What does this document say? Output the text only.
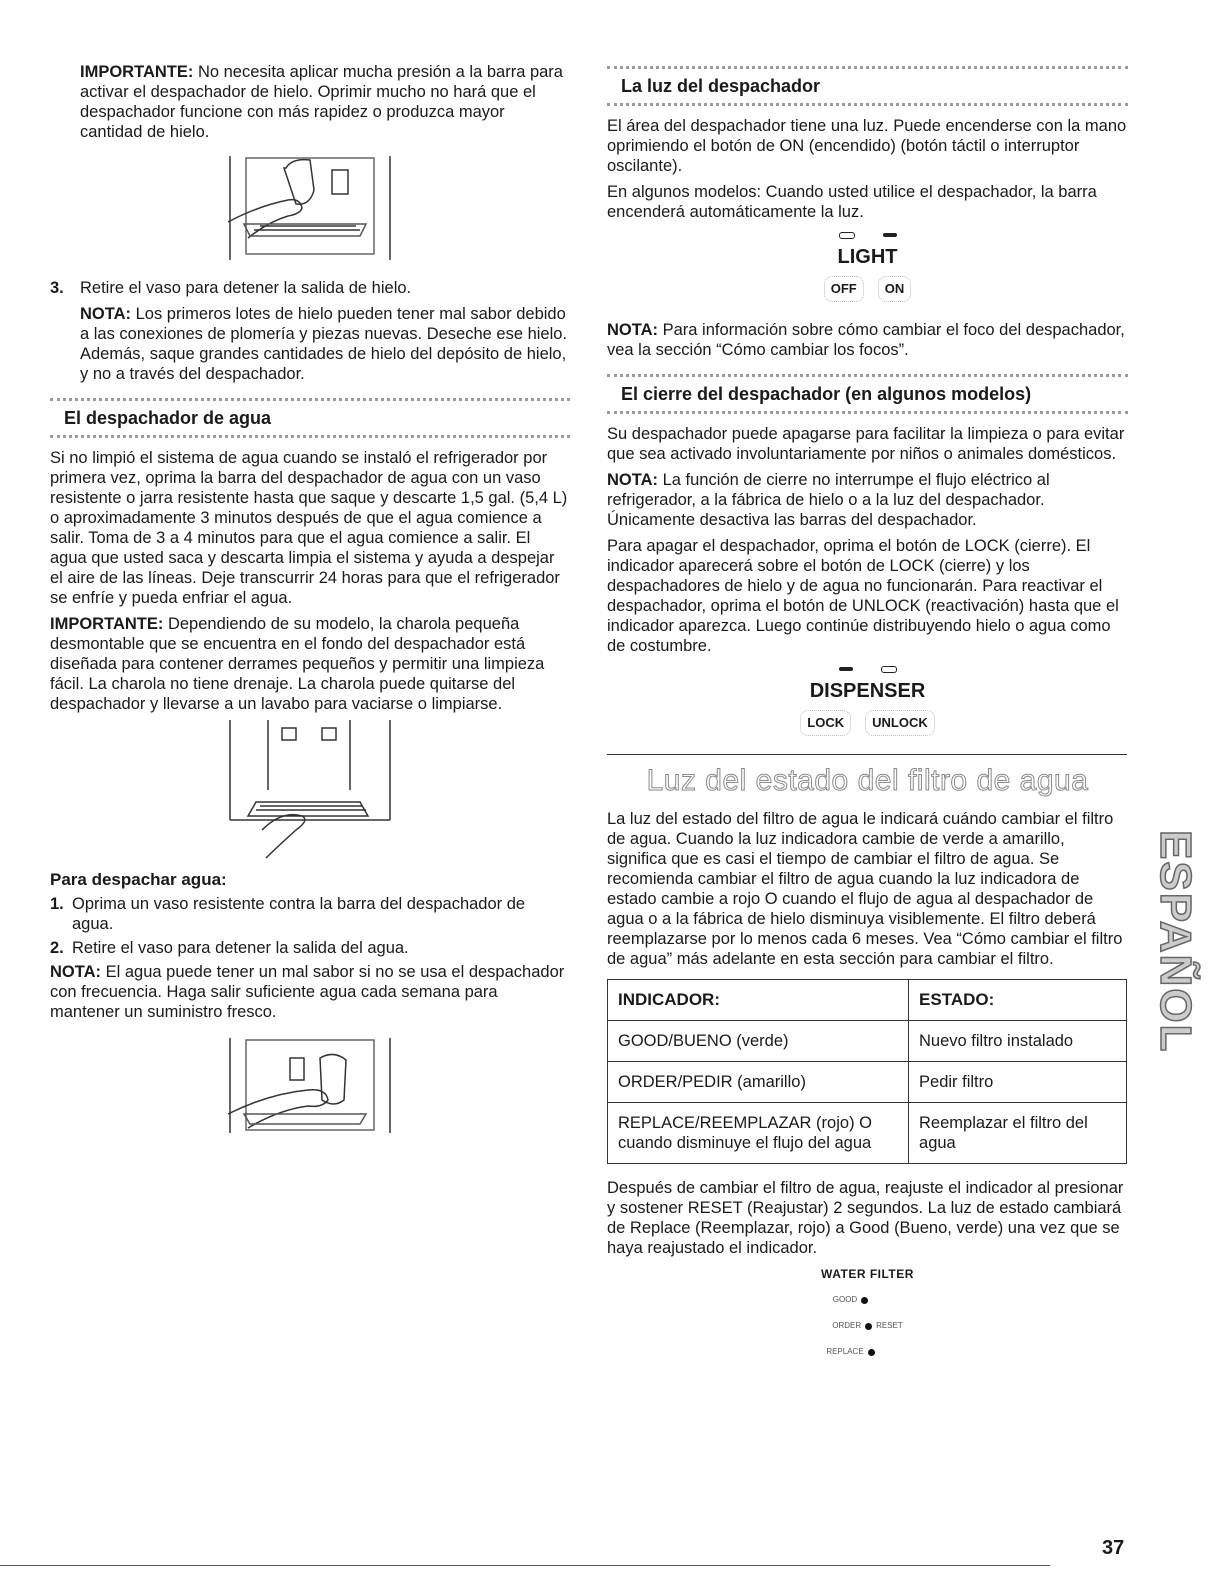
IMPORTANTE: No necesita aplicar mucha presión a la barra para activar el despachador de hielo. Oprimir mucho no hará que el despachador funcione con más rapidez o produzca mayor cantidad de hielo.

3. Retire el vaso para detener la salida de hielo.

NOTA: Los primeros lotes de hielo pueden tener mal sabor debido a las conexiones de plomería y piezas nuevas. Deseche ese hielo. Además, saque grandes cantidades de hielo del depósito de hielo, y no a través del despachador.

El despachador de agua

Si no limpió el sistema de agua cuando se instaló el refrigerador por primera vez, oprima la barra del despachador de agua con un vaso resistente o jarra resistente hasta que saque y descarte 1,5 gal. (5,4 L) o aproximadamente 3 minutos después de que el agua comience a salir. Toma de 3 a 4 minutos para que el agua comience a salir. El agua que usted saca y descarta limpia el sistema y ayuda a despejar el aire de las líneas. Deje transcurrir 24 horas para que el refrigerador se enfríe y pueda enfriar el agua.

IMPORTANTE: Dependiendo de su modelo, la charola pequeña desmontable que se encuentra en el fondo del despachador está diseñada para contener derrames pequeños y permitir una limpieza fácil. La charola no tiene drenaje. La charola puede quitarse del despachador y llevarse a un lavabo para vaciarse o limpiarse.

Para despachar agua:
1. Oprima un vaso resistente contra la barra del despachador de agua.
2. Retire el vaso para detener la salida del agua.

NOTA: El agua puede tener un mal sabor si no se usa el despachador con frecuencia. Haga salir suficiente agua cada semana para mantener un suministro fresco.

La luz del despachador

El área del despachador tiene una luz. Puede encenderse con la mano oprimiendo el botón de ON (encendido) (botón táctil o interruptor oscilante).

En algunos modelos: Cuando usted utilice el despachador, la barra encenderá automáticamente la luz.

LIGHT
OFF	ON

NOTA: Para información sobre cómo cambiar el foco del despachador, vea la sección “Cómo cambiar los focos”.

El cierre del despachador (en algunos modelos)

Su despachador puede apagarse para facilitar la limpieza o para evitar que sea activado involuntariamente por niños o animales domésticos.

NOTA: La función de cierre no interrumpe el flujo eléctrico al refrigerador, a la fábrica de hielo o a la luz del despachador. Únicamente desactiva las barras del despachador.

Para apagar el despachador, oprima el botón de LOCK (cierre). El indicador aparecerá sobre el botón de LOCK (cierre) y los despachadores de hielo y de agua no funcionarán. Para reactivar el despachador, oprima el botón de UNLOCK (reactivación) hasta que el indicador aparezca. Luego continúe distribuyendo hielo o agua como de costumbre.

DISPENSER
LOCK	UNLOCK
Luz del estado del filtro de agua

La luz del estado del filtro de agua le indicará cuándo cambiar el filtro de agua. Cuando la luz indicadora cambie de verde a amarillo, significa que es casi el tiempo de cambiar el filtro de agua. Se recomienda cambiar el filtro de agua cuando la luz indicadora de estado cambie a rojo O cuando el flujo de agua al despachador de agua o a la fábrica de hielo disminuya visiblemente. El filtro deberá reemplazarse por lo menos cada 6 meses. Vea “Cómo cambiar el filtro de agua” más adelante en esta sección para cambiar el filtro.

INDICADOR:	ESTADO:
GOOD/BUENO (verde)	Nuevo filtro instalado
ORDER/PEDIR (amarillo)	Pedir filtro
REPLACE/REEMPLAZAR (rojo) O cuando disminuye el flujo del agua	Reemplazar el filtro del agua

Después de cambiar el filtro de agua, reajuste el indicador al presionar y sostener RESET (Reajustar) 2 segundos. La luz de estado cambiará de Replace (Reemplazar, rojo) a Good (Bueno, verde) una vez que se haya reajustado el indicador.

WATER FILTER
GOOD
ORDER RESET
REPLACE
ESPAÑOL
37
